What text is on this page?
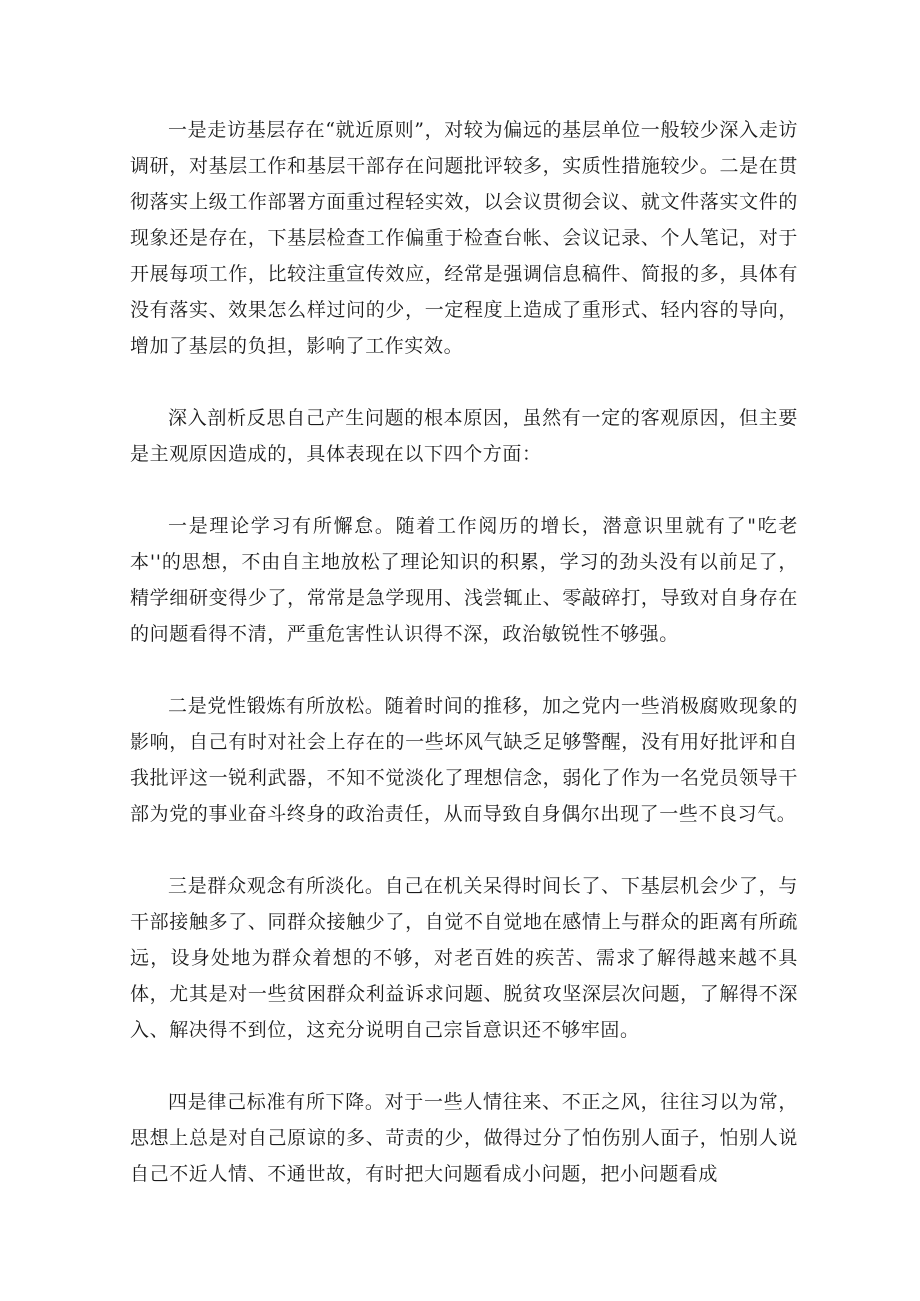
一是走访基层存在“就近原则”，对较为偏远的基层单位一般较少深入走访调研，对基层工作和基层干部存在问题批评较多，实质性措施较少。二是在贯彻落实上级工作部署方面重过程轻实效，以会议贯彻会议、就文件落实文件的现象还是存在，下基层检查工作偏重于检查台帐、会议记录、个人笔记，对于开展每项工作，比较注重宣传效应，经常是强调信息稿件、简报的多，具体有没有落实、效果怎么样过问的少，一定程度上造成了重形式、轻内容的导向，增加了基层的负担，影响了工作实效。

深入剖析反思自己产生问题的根本原因，虽然有一定的客观原因，但主要是主观原因造成的，具体表现在以下四个方面：

一是理论学习有所懈怠。随着工作阅历的增长，潜意识里就有了"吃老本''的思想，不由自主地放松了理论知识的积累，学习的劲头没有以前足了，精学细研变得少了，常常是急学现用、浅尝辄止、零敲碎打，导致对自身存在的问题看得不清，严重危害性认识得不深，政治敏锐性不够强。

二是党性锻炼有所放松。随着时间的推移，加之党内一些消极腐败现象的影响，自己有时对社会上存在的一些坏风气缺乏足够警醒，没有用好批评和自我批评这一锐利武器，不知不觉淡化了理想信念，弱化了作为一名党员领导干部为党的事业奋斗终身的政治责任，从而导致自身偶尔出现了一些不良习气。

三是群众观念有所淡化。自己在机关呆得时间长了、下基层机会少了，与干部接触多了、同群众接触少了，自觉不自觉地在感情上与群众的距离有所疏远，设身处地为群众着想的不够，对老百姓的疾苦、需求了解得越来越不具体，尤其是对一些贫困群众利益诉求问题、脱贫攻坚深层次问题，了解得不深入、解决得不到位，这充分说明自己宗旨意识还不够牢固。

四是律己标准有所下降。对于一些人情往来、不正之风，往往习以为常，思想上总是对自己原谅的多、苛责的少，做得过分了怕伤别人面子，怕别人说自己不近人情、不通世故，有时把大问题看成小问题，把小问题看成
